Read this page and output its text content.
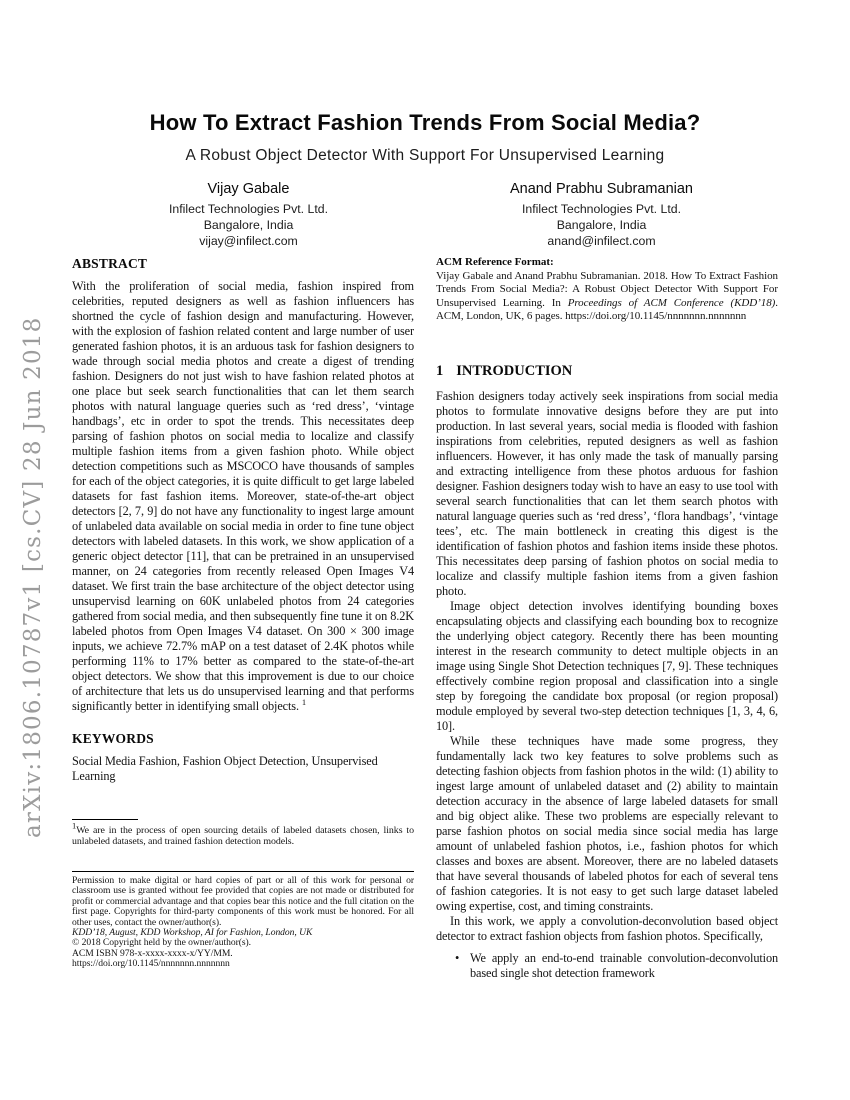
arXiv:1806.10787v1 [cs.CV] 28 Jun 2018
How To Extract Fashion Trends From Social Media?
A Robust Object Detector With Support For Unsupervised Learning
Vijay Gabale
Infilect Technologies Pvt. Ltd.
Bangalore, India
vijay@infilect.com
Anand Prabhu Subramanian
Infilect Technologies Pvt. Ltd.
Bangalore, India
anand@infilect.com
ABSTRACT

With the proliferation of social media, fashion inspired from celebrities, reputed designers as well as fashion influencers has shortned the cycle of fashion design and manufacturing. However, with the explosion of fashion related content and large number of user generated fashion photos, it is an arduous task for fashion designers to wade through social media photos and create a digest of trending fashion. Designers do not just wish to have fashion related photos at one place but seek search functionalities that can let them search photos with natural language queries such as ‘red dress’, ‘vintage handbags’, etc in order to spot the trends. This necessitates deep parsing of fashion photos on social media to localize and classify multiple fashion items from a given fashion photo. While object detection competitions such as MSCOCO have thousands of samples for each of the object categories, it is quite difficult to get large labeled datasets for fast fashion items. Moreover, state-of-the-art object detectors [2, 7, 9] do not have any functionality to ingest large amount of unlabeled data available on social media in order to fine tune object detectors with labeled datasets. In this work, we show application of a generic object detector [11], that can be pretrained in an unsupervised manner, on 24 categories from recently released Open Images V4 dataset. We first train the base architecture of the object detector using unsupervisd learning on 60K unlabeled photos from 24 categories gathered from social media, and then subsequently fine tune it on 8.2K labeled photos from Open Images V4 dataset. On 300 × 300 image inputs, we achieve 72.7% mAP on a test dataset of 2.4K photos while performing 11% to 17% better as compared to the state-of-the-art object detectors. We show that this improvement is due to our choice of architecture that lets us do unsupervised learning and that performs significantly better in identifying small objects. $^1$

KEYWORDS

Social Media Fashion, Fashion Object Detection, Unsupervised Learning

$^1$We are in the process of open sourcing details of labeled datasets chosen, links to unlabeled datasets, and trained fashion detection models.

Permission to make digital or hard copies of part or all of this work for personal or classroom use is granted without fee provided that copies are not made or distributed for profit or commercial advantage and that copies bear this notice and the full citation on the first page. Copyrights for third-party components of this work must be honored. For all other uses, contact the owner/author(s).

KDD’18, August, KDD Workshop, AI for Fashion, London, UK

© 2018 Copyright held by the owner/author(s).

ACM ISBN 978-x-xxxx-xxxx-x/YY/MM.

https://doi.org/10.1145/nnnnnnn.nnnnnnn

ACM Reference Format:

Vijay Gabale and Anand Prabhu Subramanian. 2018. How To Extract Fashion Trends From Social Media?: A Robust Object Detector With Support For Unsupervised Learning. In Proceedings of ACM Conference (KDD’18). ACM, London, UK, 6 pages. https://doi.org/10.1145/nnnnnnn.nnnnnnn

1 INTRODUCTION

Fashion designers today actively seek inspirations from social media photos to formulate innovative designs before they are put into production. In last several years, social media is flooded with fashion inspirations from celebrities, reputed designers as well as fashion influencers. However, it has only made the task of manually parsing and extracting intelligence from these photos arduous for fashion designer. Fashion designers today wish to have an easy to use tool with several search functionalities that can let them search photos with natural language queries such as ‘red dress’, ‘flora handbags’, ‘vintage tees’, etc. The main bottleneck in creating this digest is the identification of fashion photos and fashion items inside these photos. This necessitates deep parsing of fashion photos on social media to localize and classify multiple fashion items from a given fashion photo.

Image object detection involves identifying bounding boxes encapsulating objects and classifying each bounding box to recognize the underlying object category. Recently there has been mounting interest in the research community to detect multiple objects in an image using Single Shot Detection techniques [7, 9]. These techniques effectively combine region proposal and classification into a single step by foregoing the candidate box proposal (or region proposal) module employed by several two-step detection techniques [1, 3, 4, 6, 10].

While these techniques have made some progress, they fundamentally lack two key features to solve problems such as detecting fashion objects from fashion photos in the wild: (1) ability to ingest large amount of unlabeled dataset and (2) ability to maintain detection accuracy in the absence of large labeled datasets for small and big object alike. These two problems are especially relevant to parse fashion photos on social media since social media has large amount of unlabeled fashion photos, i.e., fashion photos for which classes and boxes are absent. Moreover, there are no labeled datasets that have several thousands of labeled photos for each of several tens of fashion categories. It is not easy to get such large dataset labeled owing expertise, cost, and timing constraints.

In this work, we apply a convolution-deconvolution based object detector to extract fashion objects from fashion photos. Specifically,

• We apply an end-to-end trainable convolution-deconvolution based single shot detection framework
